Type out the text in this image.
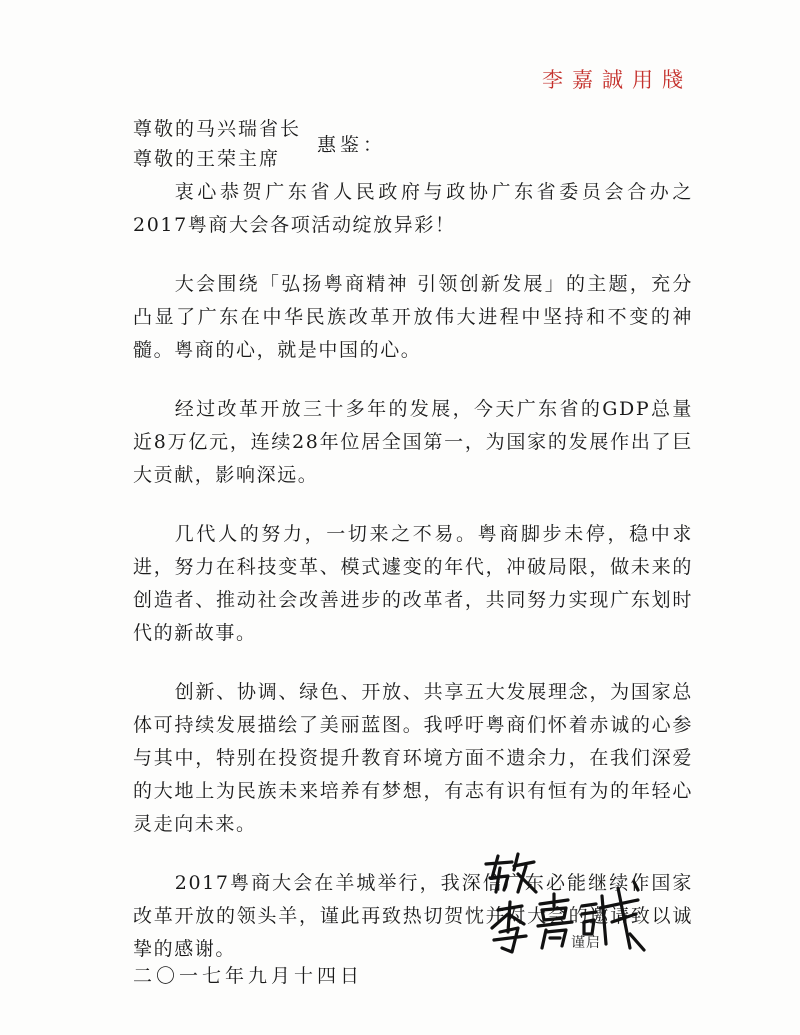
李嘉誠用牋
尊敬的马兴瑞省长
尊敬的王荣主席
惠鉴：

衷心恭贺广东省人民政府与政协广东省委员会合办之2017粤商大会各项活动绽放异彩！

大会围绕「弘扬粤商精神 引领创新发展」的主题，充分凸显了广东在中华民族改革开放伟大进程中坚持和不变的神髓。粤商的心，就是中国的心。

经过改革开放三十多年的发展，今天广东省的GDP总量近8万亿元，连续28年位居全国第一，为国家的发展作出了巨大贡献，影响深远。

几代人的努力，一切来之不易。粤商脚步未停，稳中求进，努力在科技变革、模式遽变的年代，冲破局限，做未来的创造者、推动社会改善进步的改革者，共同努力实现广东划时代的新故事。

创新、协调、绿色、开放、共享五大发展理念，为国家总体可持续发展描绘了美丽蓝图。我呼吁粤商们怀着赤诚的心参与其中，特别在投资提升教育环境方面不遗余力，在我们深爱的大地上为民族未来培养有梦想，有志有识有恒有为的年轻心灵走向未来。

2017粤商大会在羊城举行，我深信广东必能继续作国家改革开放的领头羊，谨此再致热切贺忱并对大会的邀请致以诚挚的感谢。	谨启
二〇一七年九月十四日
